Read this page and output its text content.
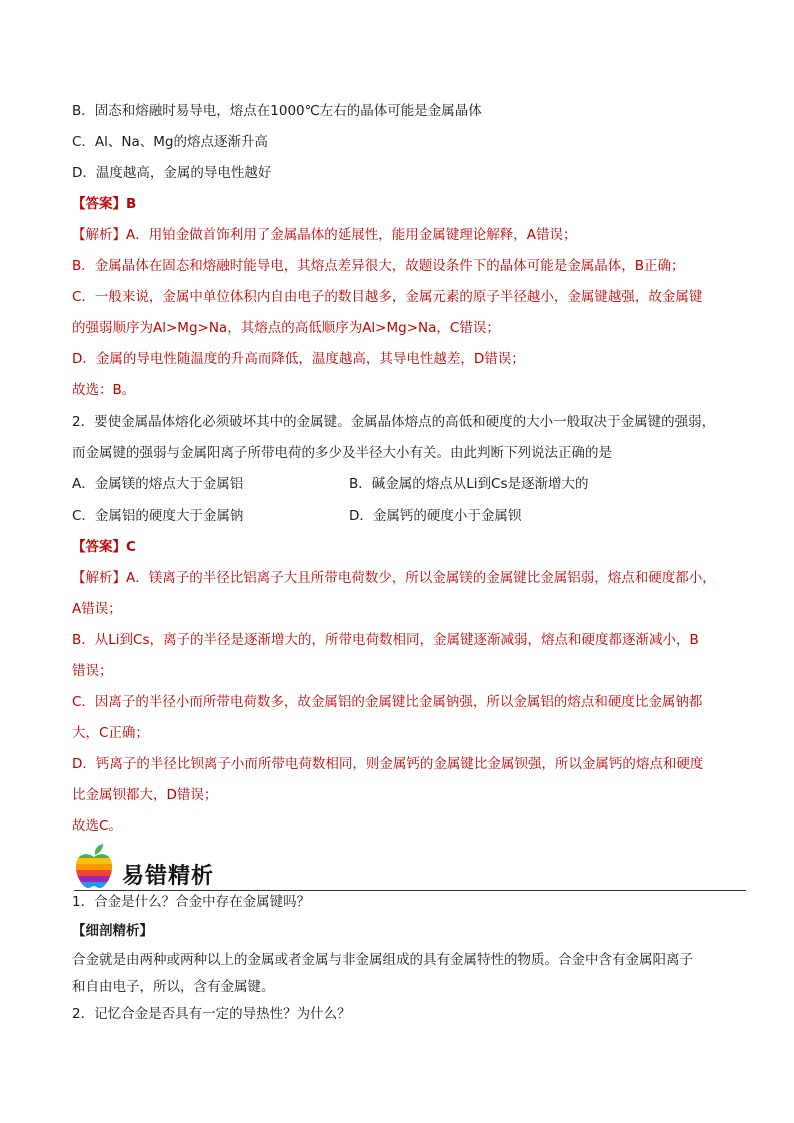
B．固态和熔融时易导电，熔点在1000℃左右的晶体可能是金属晶体
C．Al、Na、Mg的熔点逐渐升高
D．温度越高，金属的导电性越好
【答案】B
【解析】A．用铂金做首饰利用了金属晶体的延展性，能用金属键理论解释，A错误；
B．金属晶体在固态和熔融时能导电，其熔点差异很大，故题设条件下的晶体可能是金属晶体，B正确；
C．一般来说，金属中单位体积内自由电子的数目越多，金属元素的原子半径越小，金属键越强，故金属键
的强弱顺序为Al>Mg>Na，其熔点的高低顺序为Al>Mg>Na，C错误；
D．金属的导电性随温度的升高而降低，温度越高，其导电性越差，D错误；
故选：B。
2．要使金属晶体熔化必须破坏其中的金属键。金属晶体熔点的高低和硬度的大小一般取决于金属键的强弱，
而金属键的强弱与金属阳离子所带电荷的多少及半径大小有关。由此判断下列说法正确的是
A．金属镁的熔点大于金属铝	B．碱金属的熔点从Li到Cs是逐渐增大的
C．金属铝的硬度大于金属钠	D．金属钙的硬度小于金属钡
【答案】C
【解析】A．镁离子的半径比铝离子大且所带电荷数少，所以金属镁的金属键比金属铝弱，熔点和硬度都小，
A错误；
B．从Li到Cs，离子的半径是逐渐增大的，所带电荷数相同，金属键逐渐减弱，熔点和硬度都逐渐减小，B
错误；
C．因离子的半径小而所带电荷数多，故金属铝的金属键比金属钠强，所以金属铝的熔点和硬度比金属钠都
大，C正确；
D．钙离子的半径比钡离子小而所带电荷数相同，则金属钙的金属键比金属钡强，所以金属钙的熔点和硬度
比金属钡都大，D错误；
故选C。
易错精析
1．合金是什么？合金中存在金属键吗？
【细剖精析】
合金就是由两种或两种以上的金属或者金属与非金属组成的具有金属特性的物质。合金中含有金属阳离子
和自由电子，所以，含有金属键。
2．记忆合金是否具有一定的导热性？为什么？
